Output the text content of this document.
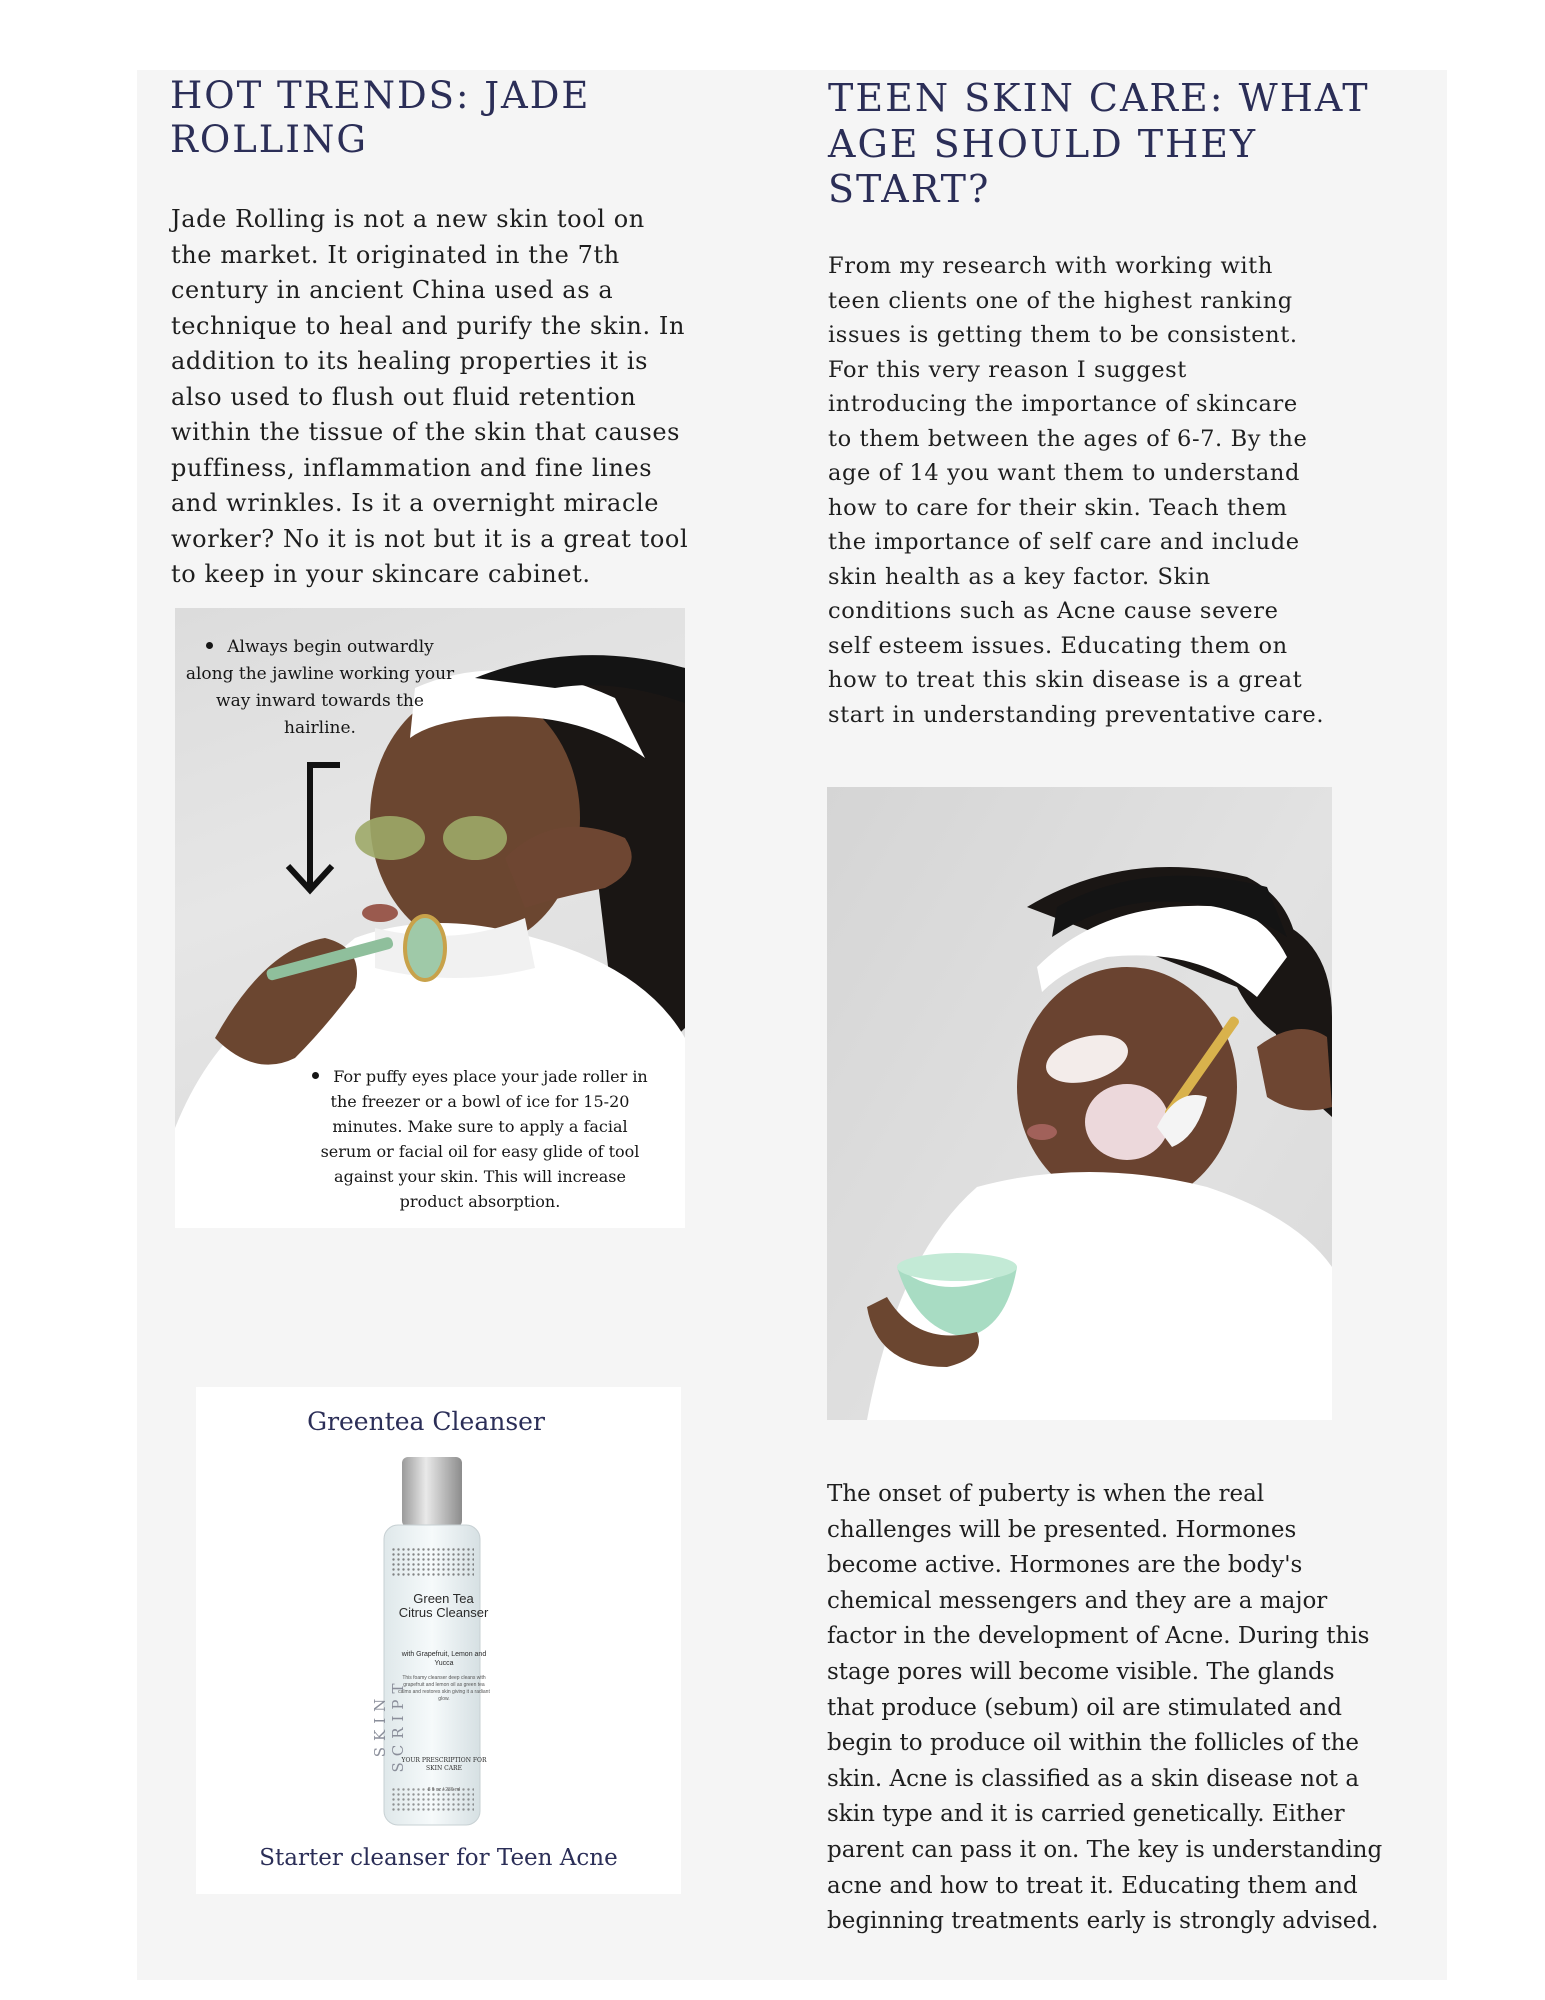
HOT TRENDS: JADE ROLLING

Jade Rolling is not a new skin tool on the market. It originated in the 7th century in ancient China used as a technique to heal and purify the skin. In addition to its healing properties it is also used to flush out fluid retention within the tissue of the skin that causes puffiness, inflammation and fine lines and wrinkles. Is it a overnight miracle worker? No it is not but it is a great tool to keep in your skincare cabinet.

Always begin outwardly along the jawline working your way inward towards the hairline.

For puffy eyes place your jade roller in the freezer or a bowl of ice for 15-20 minutes. Make sure to apply a facial serum or facial oil for easy glide of tool against your skin. This will increase product absorption.

Greentea Cleanser

SKIN SCRIPT

Green Tea Citrus Cleanser

with Grapefruit, Lemon and Yucca

This foamy cleanser deep cleans with grapefruit and lemon oil as green tea calms and restores skin giving it a radiant glow.

YOUR PRESCRIPTION FOR SKIN CARE

8 fl oz / 236 ml

Starter cleanser for Teen Acne

TEEN SKIN CARE: WHAT AGE SHOULD THEY START?

From my research with working with teen clients one of the highest ranking issues is getting them to be consistent. For this very reason I suggest introducing the importance of skincare to them between the ages of 6-7. By the age of 14 you want them to understand how to care for their skin. Teach them the importance of self care and include skin health as a key factor. Skin conditions such as Acne cause severe self esteem issues. Educating them on how to treat this skin disease is a great start in understanding preventative care.

The onset of puberty is when the real challenges will be presented. Hormones become active. Hormones are the body's chemical messengers and they are a major factor in the development of Acne. During this stage pores will become visible. The glands that produce (sebum) oil are stimulated and begin to produce oil within the follicles of the skin. Acne is classified as a skin disease not a skin type and it is carried genetically. Either parent can pass it on. The key is understanding acne and how to treat it. Educating them and beginning treatments early is strongly advised.
